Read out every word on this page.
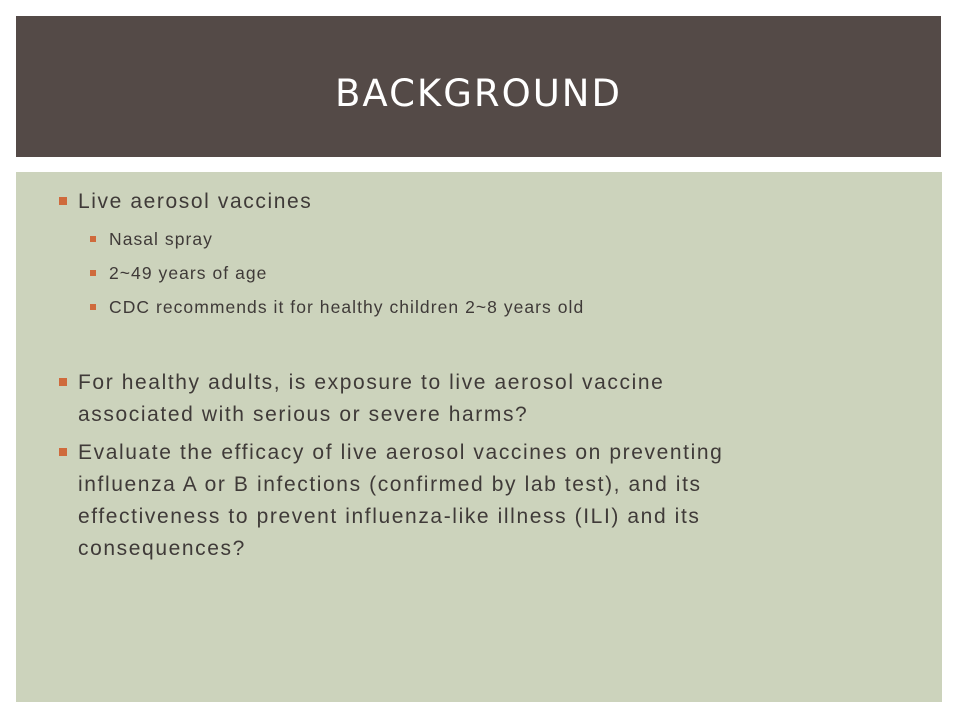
BACKGROUND
Live aerosol vaccines
Nasal spray
2~49 years of age
CDC recommends it for healthy children 2~8 years old
For healthy adults, is exposure to live aerosol vaccine
associated with serious or severe harms?
Evaluate the efficacy of live aerosol vaccines on preventing
influenza A or B infections (confirmed by lab test), and its
effectiveness to prevent influenza-like illness (ILI) and its
consequences?
